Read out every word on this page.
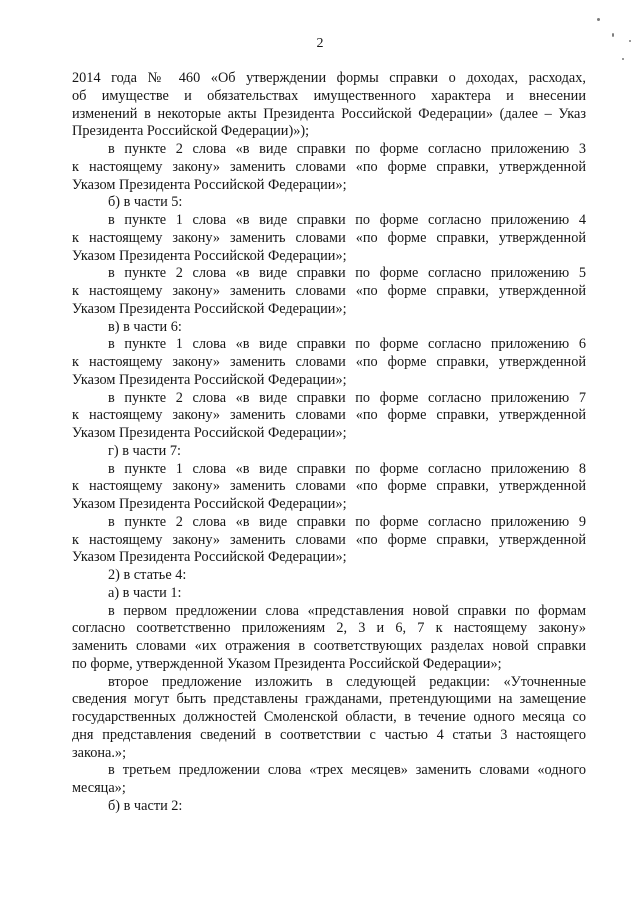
2
2014 года № 460 «Об утверждении формы справки о доходах, расходах,
об имуществе и обязательствах имущественного характера и внесении
изменений в некоторые акты Президента Российской Федерации» (далее – Указ
Президента Российской Федерации)»);
в пункте 2 слова «в виде справки по форме согласно приложению 3
к настоящему закону» заменить словами «по форме справки, утвержденной
Указом Президента Российской Федерации»;
б) в части 5:
в пункте 1 слова «в виде справки по форме согласно приложению 4
к настоящему закону» заменить словами «по форме справки, утвержденной
Указом Президента Российской Федерации»;
в пункте 2 слова «в виде справки по форме согласно приложению 5
к настоящему закону» заменить словами «по форме справки, утвержденной
Указом Президента Российской Федерации»;
в) в части 6:
в пункте 1 слова «в виде справки по форме согласно приложению 6
к настоящему закону» заменить словами «по форме справки, утвержденной
Указом Президента Российской Федерации»;
в пункте 2 слова «в виде справки по форме согласно приложению 7
к настоящему закону» заменить словами «по форме справки, утвержденной
Указом Президента Российской Федерации»;
г) в части 7:
в пункте 1 слова «в виде справки по форме согласно приложению 8
к настоящему закону» заменить словами «по форме справки, утвержденной
Указом Президента Российской Федерации»;
в пункте 2 слова «в виде справки по форме согласно приложению 9
к настоящему закону» заменить словами «по форме справки, утвержденной
Указом Президента Российской Федерации»;
2) в статье 4:
а) в части 1:
в первом предложении слова «представления новой справки по формам
согласно соответственно приложениям 2, 3 и 6, 7 к настоящему закону»
заменить словами «их отражения в соответствующих разделах новой справки
по форме, утвержденной Указом Президента Российской Федерации»;
второе предложение изложить в следующей редакции: «Уточненные
сведения могут быть представлены гражданами, претендующими на замещение
государственных должностей Смоленской области, в течение одного месяца со
дня представления сведений в соответствии с частью 4 статьи 3 настоящего
закона.»;
в третьем предложении слова «трех месяцев» заменить словами «одного
месяца»;
б) в части 2:
